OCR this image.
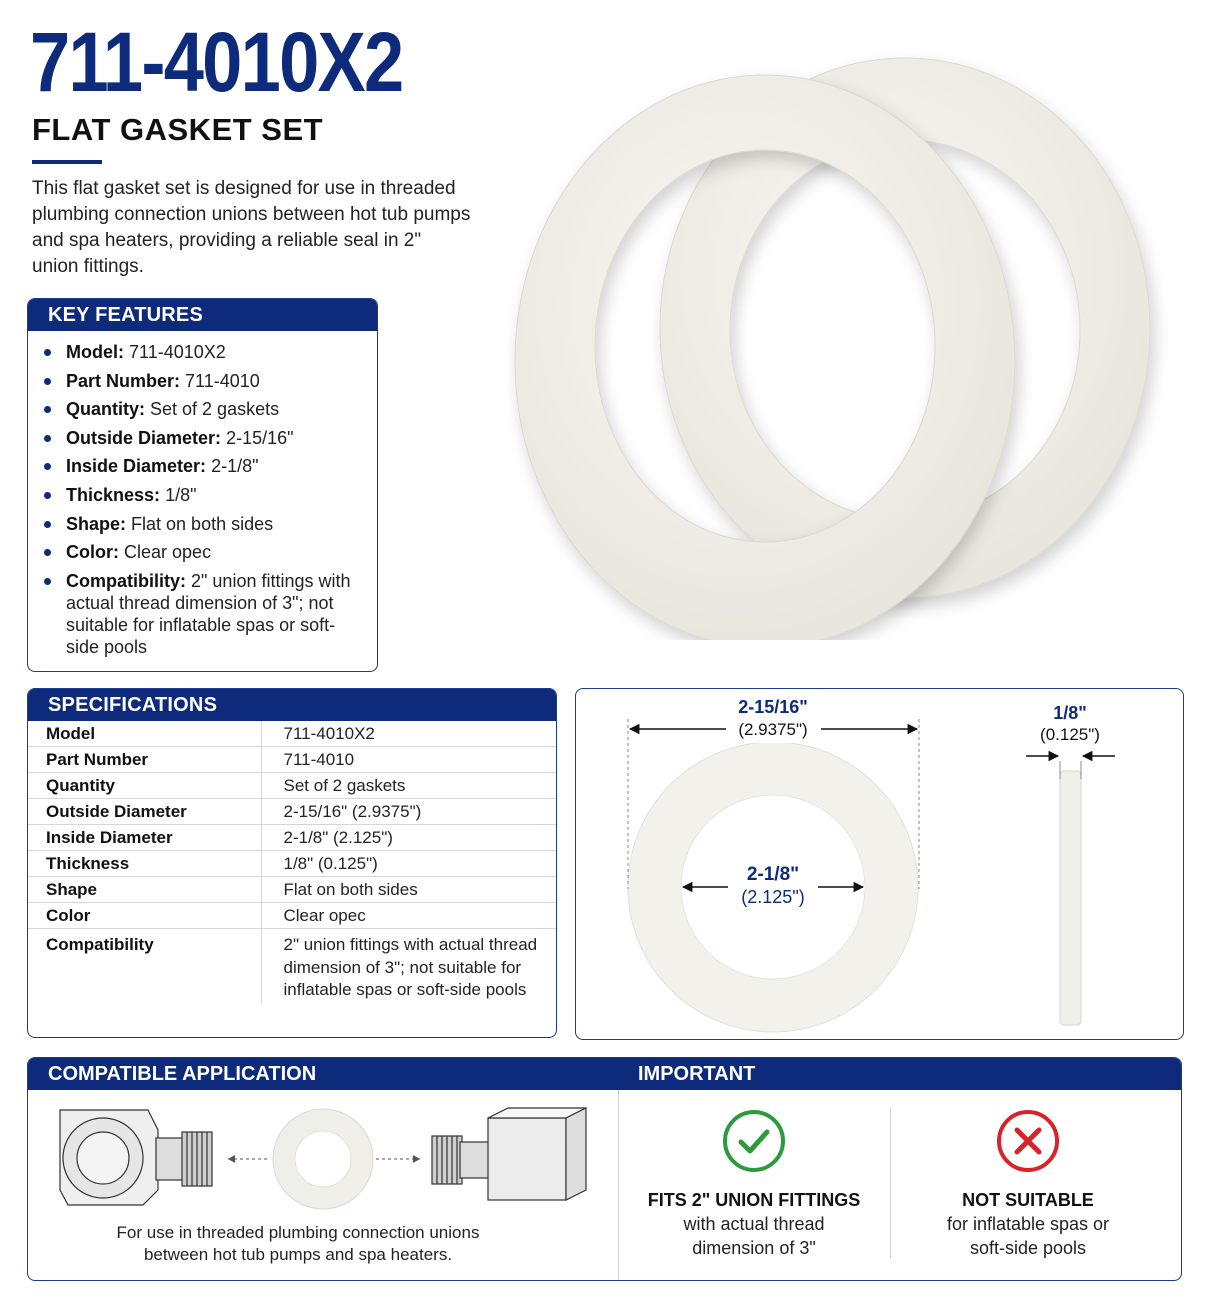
711-4010X2
FLAT GASKET SET

This flat gasket set is designed for use in threaded plumbing connection unions between hot tub pumps and spa heaters, providing a reliable seal in 2" union fittings.

KEY FEATURES
Model: 711-4010X2
Part Number: 711-4010
Quantity: Set of 2 gaskets
Outside Diameter: 2-15/16"
Inside Diameter: 2-1/8"
Thickness: 1/8"
Shape: Flat on both sides
Color: Clear opec
Compatibility: 2" union fittings with actual thread dimension of 3"; not suitable for inflatable spas or soft-side pools
SPECIFICATIONS
Model	711-4010X2
Part Number	711-4010
Quantity	Set of 2 gaskets
Outside Diameter	2-15/16" (2.9375")
Inside Diameter	2-1/8" (2.125")
Thickness	1/8" (0.125")
Shape	Flat on both sides
Color	Clear opec
Compatibility	2" union fittings with actual thread dimension of 3"; not suitable for inflatable spas or soft-side pools
2-15/16"
(2.9375")
2-1/8"
(2.125")
1/8"
(0.125")
COMPATIBLE APPLICATION	IMPORTANT

For use in threaded plumbing connection unions between hot tub pumps and spa heaters.

FITS 2" UNION FITTINGS
with actual thread dimension of 3"
NOT SUITABLE
for inflatable spas or soft-side pools
